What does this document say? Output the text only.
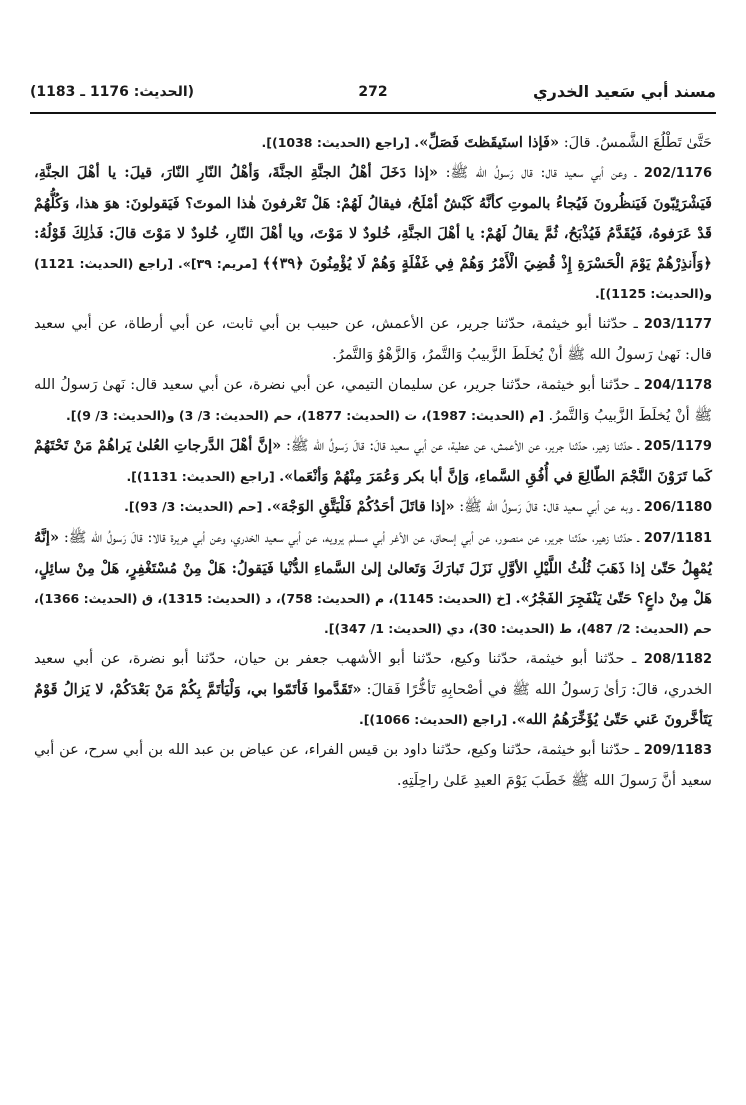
مسند أبي سَعيد الخدري
272
(الحديث: 1176 ـ 1183)

حَتَّىٰ تَطْلُعَ الشَّمسُ. قالَ: «فَإذا استَيقَظتَ فَصَلِّ». [راجع (الحديث: 1038)].

202/1176 ـ وعن أبي سعيد قال: قال رَسولُ الله ﷺ: «إذا دَخَلَ أهْلُ الجنَّةِ الجنَّةَ، وَأهْلُ النّارِ النّارَ، قيلَ: يا أهْلَ الجنَّةِ، فَيَشْرَئِبّونَ فَيَنظُرونَ فَيُجاءُ بالموتِ كأنَّهُ كَبْشٌ أمْلَحُ، فيقالُ لَهُمْ: هَلْ تَعْرفونَ هٰذا الموتَ؟ فَيَقولونَ: هوَ هذا، وَكُلُّهُمْ قَدْ عَرَفوهُ، فَيُقَدَّمُ فَيُذْبَحُ، ثُمَّ يقالُ لَهُمْ: يا أهْلَ الجنَّةِ، خُلودٌ لا مَوْتَ، ويا أهْلَ النّارِ، خُلودٌ لا مَوْتَ قالَ: فَذٰلِكَ قَوْلُهُ: ﴿وَأَنذِرْهُمْ يَوْمَ الْحَسْرَةِ إِذْ قُضِيَ الْأَمْرُ وَهُمْ فِي غَفْلَةٍ وَهُمْ لَا يُؤْمِنُونَ ﴿٣٩﴾﴾ [مريم: ٣٩]». [راجع (الحديث: 1121) و(الحديث: 1125)].

203/1177 ـ حدّثنا أبو خيثمة، حدّثنا جرير، عن الأعمش، عن حبيب بن أبي ثابت، عن أبي أرطاة، عن أبي سعيد قال: نَهىٰ رَسولُ الله ﷺ أنْ يُخلَطَ الزَّبيبُ وَالتَّمرُ، وَالزَّهْوُ وَالتَّمرُ.

204/1178 ـ حدّثنا أبو خيثمة، حدّثنا جرير، عن سليمان التيمي، عن أبي نضرة، عن أبي سعيد قال: نَهىٰ رَسولُ الله ﷺ أنْ يُخلَطَ الزَّبيبُ وَالتَّمرُ. [م (الحديث: 1987)، ت (الحديث: 1877)، حم (الحديث: 3/ 3) و(الحديث: 3/ 9)].

205/1179 ـ حدّثنا زهير، حدّثنا جرير، عن الأعمش، عن عطية، عن أبي سعيد قالَ: قالَ رَسولُ الله ﷺ: «إنَّ أهْلَ الدَّرجاتِ العُلىٰ يَراهُمْ مَنْ تَحْتَهُمْ كَما تَرَوْنَ النَّجْمَ الطّالِعَ في أُفُقِ السَّماءِ، وَإنَّ أبا بكر وَعُمَرَ مِنْهُمْ وَأنْعَما». [راجع (الحديث: 1131)].

206/1180 ـ وبه عن أبي سعيد قال: قالَ رَسولُ الله ﷺ: «إذا قاتَلَ أحَدُكُمْ فَلْيَتَّقِ الوَجْهَ». [حم (الحديث: 3/ 93)].

207/1181 ـ حدّثنا زهير، حدّثنا جرير، عن منصور، عن أبي إسحاق، عن الأغر أبي مسلم يرويه، عن أبي سعيد الخدري، وعن أبي هريرة قالا: قالَ رَسولُ الله ﷺ: «إنَّهُ يُمْهِلُ حَتّىٰ إذا ذَهَبَ ثُلُثُ اللَّيْلِ الأوَّلِ نَزَلَ تَبارَكَ وَتَعالىٰ إلىٰ السَّماءِ الدُّنْيا فَيَقولُ: هَلْ مِنْ مُسْتَغْفِرٍ، هَلْ مِنْ سائِلٍ، هَلْ مِنْ داعٍ؟ حَتّىٰ يَنْفَجِرَ الفَجْرُ». [خ (الحديث: 1145)، م (الحديث: 758)، د (الحديث: 1315)، ق (الحديث: 1366)، حم (الحديث: 2/ 487)، ط (الحديث: 30)، دي (الحديث: 1/ 347)].

208/1182 ـ حدّثنا أبو خيثمة، حدّثنا وكيع، حدّثنا أبو الأشهب جعفر بن حيان، حدّثنا أبو نضرة، عن أبي سعيد الخدري، قالَ: رَأىٰ رَسولُ الله ﷺ في أصْحابِهِ تَأخُّرًا فَقالَ: «تَقَدَّموا فَأتَمّوا بي، وَلْيَأتَمَّ بِكُمْ مَنْ بَعْدَكُمْ، لا يَزالُ قَوْمٌ يَتَأخَّرونَ عَني حَتّىٰ يُؤَخِّرَهُمُ الله». [راجع (الحديث: 1066)].

209/1183 ـ حدّثنا أبو خيثمة، حدّثنا وكيع، حدّثنا داود بن قيس الفراء، عن عياض بن عبد الله بن أبي سرح، عن أبي سعيد أنَّ رَسولَ الله ﷺ خَطَبَ يَوْمَ العيدِ عَلىٰ راحِلَتِهِ.
